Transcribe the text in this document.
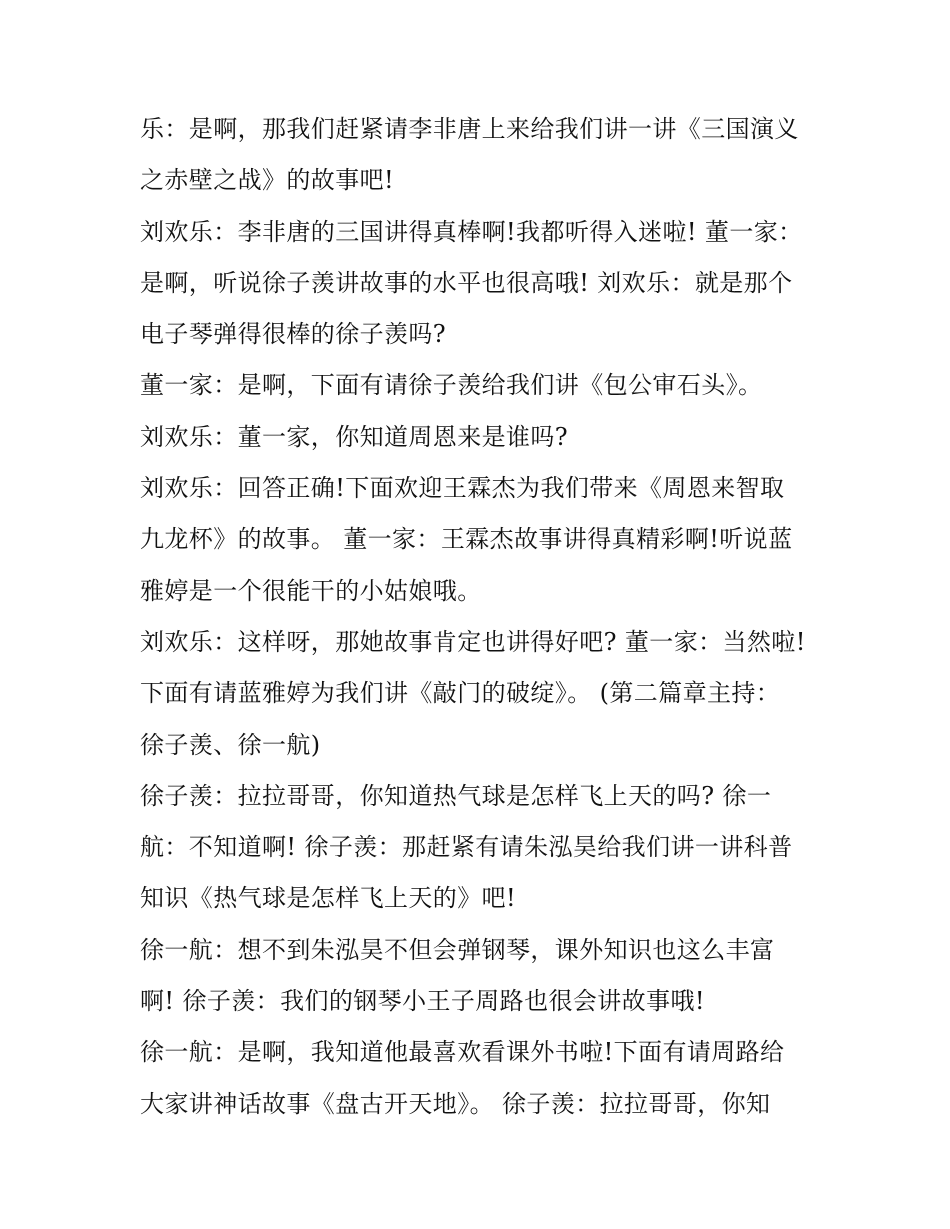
乐：是啊，那我们赶紧请李非唐上来给我们讲一讲《三国演义
之赤壁之战》的故事吧!
刘欢乐：李非唐的三国讲得真棒啊!我都听得入迷啦! 董一家：
是啊，听说徐子羡讲故事的水平也很高哦! 刘欢乐：就是那个
电子琴弹得很棒的徐子羡吗?
董一家：是啊，下面有请徐子羡给我们讲《包公审石头》。
刘欢乐：董一家，你知道周恩来是谁吗?
刘欢乐：回答正确!下面欢迎王霖杰为我们带来《周恩来智取
九龙杯》的故事。 董一家：王霖杰故事讲得真精彩啊!听说蓝
雅婷是一个很能干的小姑娘哦。
刘欢乐：这样呀，那她故事肯定也讲得好吧? 董一家：当然啦!
下面有请蓝雅婷为我们讲《敲门的破绽》。 (第二篇章主持：
徐子羡、徐一航)
徐子羡：拉拉哥哥，你知道热气球是怎样飞上天的吗? 徐一
航：不知道啊! 徐子羡：那赶紧有请朱泓昊给我们讲一讲科普
知识《热气球是怎样飞上天的》吧!
徐一航：想不到朱泓昊不但会弹钢琴，课外知识也这么丰富
啊! 徐子羡：我们的钢琴小王子周路也很会讲故事哦!
徐一航：是啊，我知道他最喜欢看课外书啦!下面有请周路给
大家讲神话故事《盘古开天地》。 徐子羡：拉拉哥哥，你知
